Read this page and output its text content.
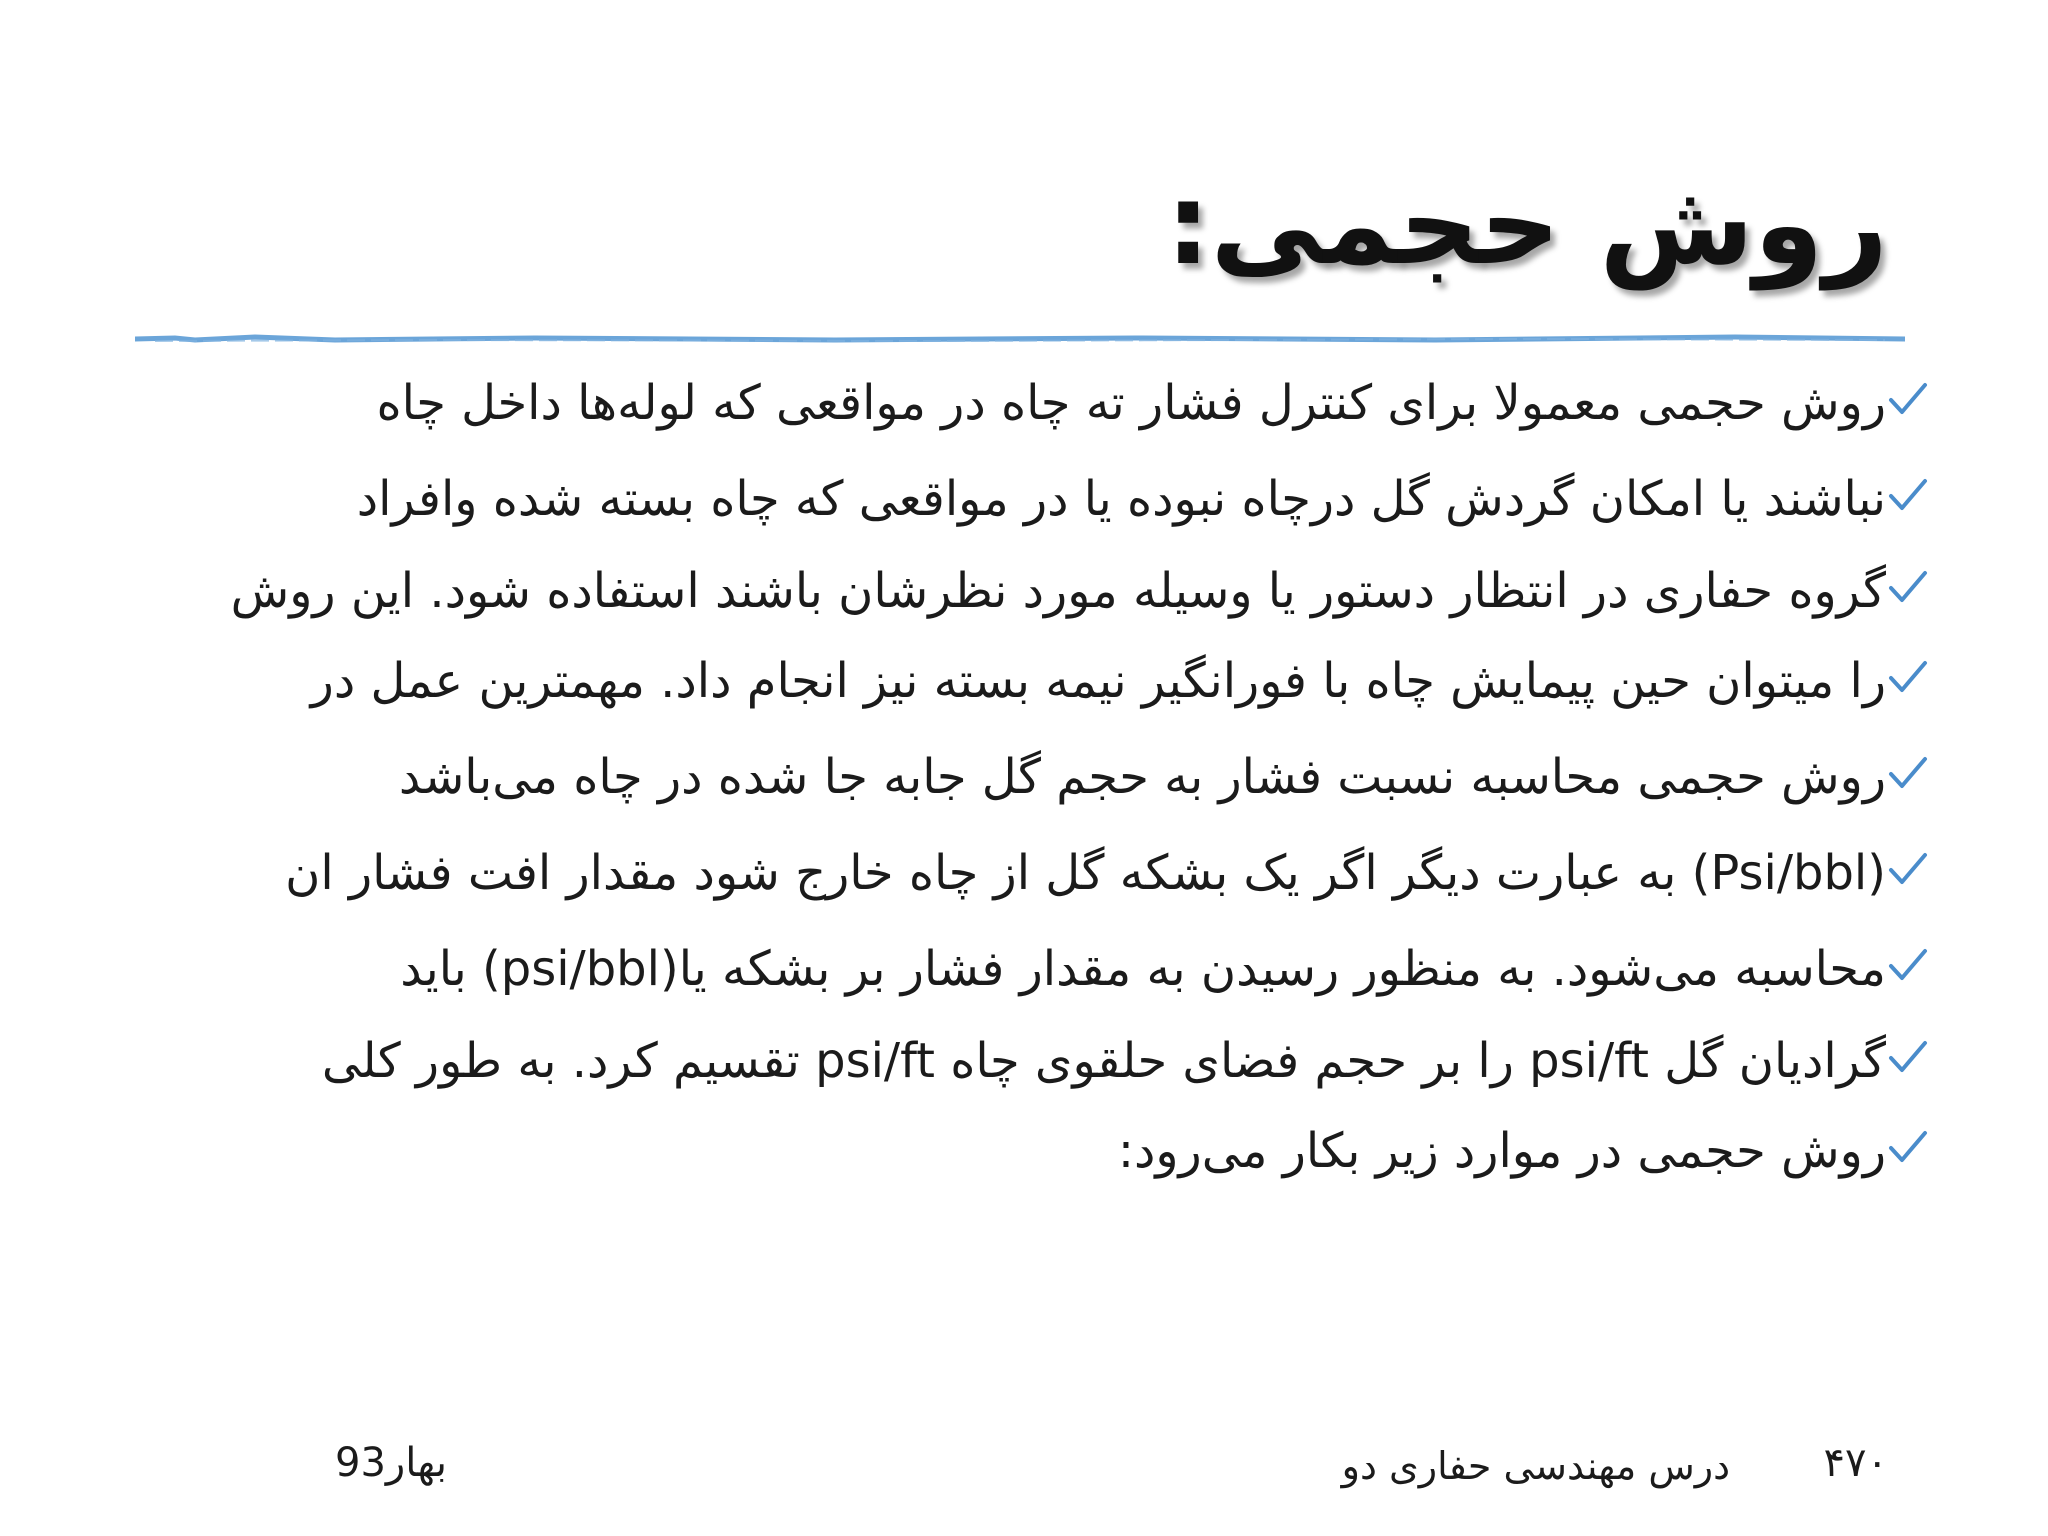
روش حجمی:
روش حجمی معمولا برای کنترل فشار ته چاه در مواقعی که لوله‌ها داخل چاه
نباشند یا امکان گردش گل درچاه نبوده یا در مواقعی که چاه بسته شده وافراد
گروه حفاری در انتظار دستور یا وسیله مورد نظرشان باشند استفاده شود. این روش
را میتوان حین پیمایش چاه با فورانگیر نیمه بسته نیز انجام داد. مهمترین عمل در
روش حجمی محاسبه نسبت فشار به حجم گل جابه جا شده در چاه می‌باشد
(Psi/bbl) به عبارت دیگر اگر یک بشکه گل از چاه خارج شود مقدار افت فشار ان
محاسبه می‌شود. به منظور رسیدن به مقدار فشار بر بشکه یا(psi/bbl) باید
گرادیان گل psi/ft را بر حجم فضای حلقوی چاه psi/ft تقسیم کرد. به طور کلی
روش حجمی در موارد زیر بکار می‌رود:
۴۷۰
درس مهندسی حفاری دو
بهار93
